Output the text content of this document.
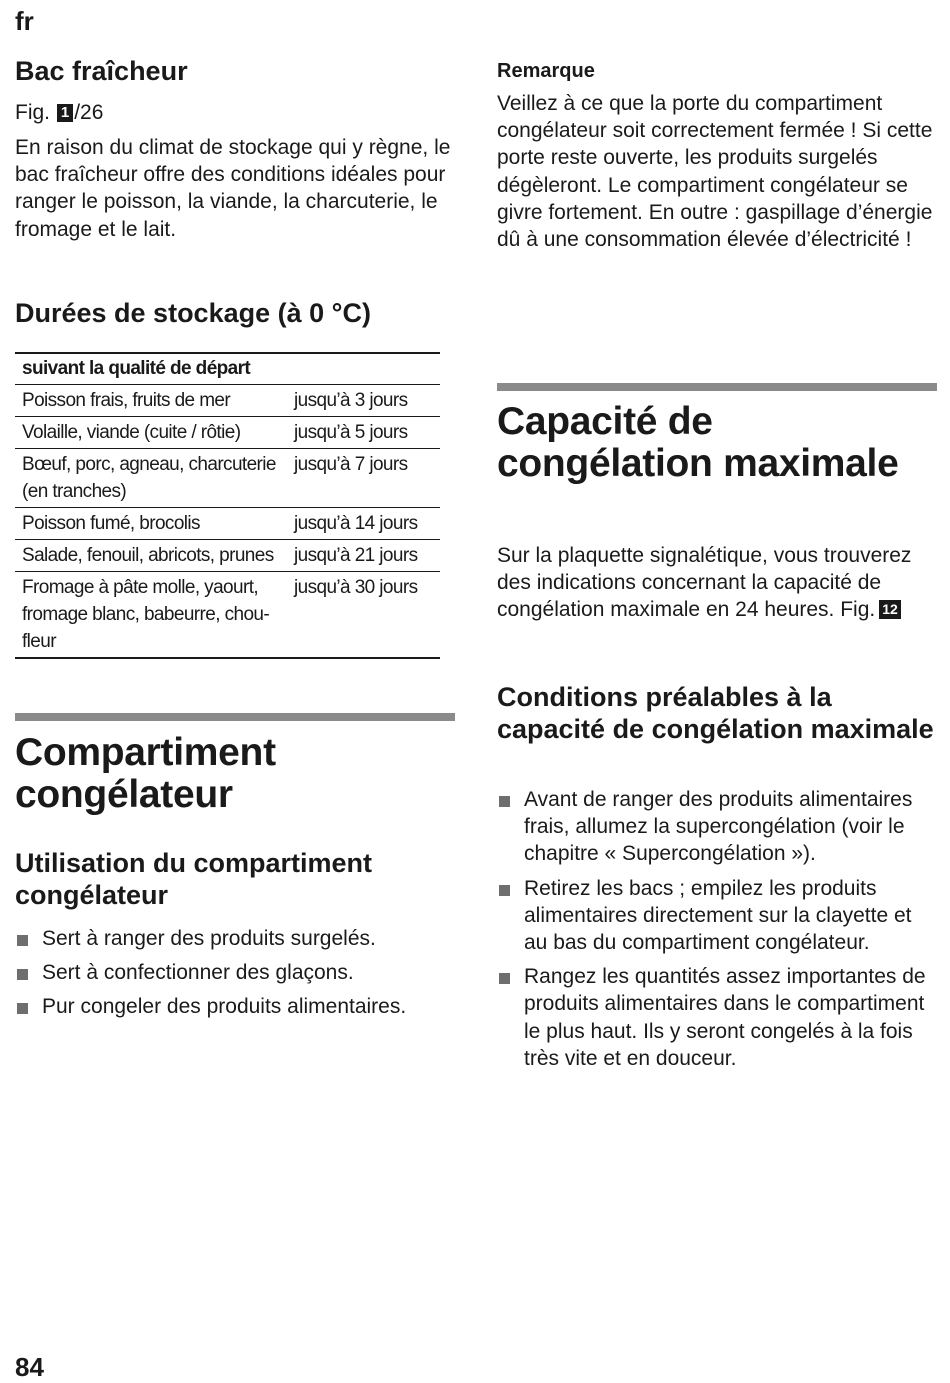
fr
Bac fraîcheur

Fig. 1 /26

En raison du climat de stockage qui y règne, le bac fraîcheur offre des conditions idéales pour ranger le poisson, la viande, la charcuterie, le fromage et le lait.

Durées de stockage (à 0 °C)
suivant la qualité de départ	
Poisson frais, fruits de mer	jusqu’à 3 jours
Volaille, viande (cuite / rôtie)	jusqu’à 5 jours
Bœuf, porc, agneau, charcuterie (en tranches)	jusqu’à 7 jours
Poisson fumé, brocolis	jusqu’à 14 jours
Salade, fenouil, abricots, prunes	jusqu’à 21 jours
Fromage à pâte molle, yaourt, fromage blanc, babeurre, chou-fleur	jusqu’à 30 jours
Compartiment congélateur
Utilisation du compartiment congélateur
Sert à ranger des produits surgelés.
Sert à confectionner des glaçons.
Pur congeler des produits alimentaires.

Remarque

Veillez à ce que la porte du compartiment congélateur soit correctement fermée ! Si cette porte reste ouverte, les produits surgelés dégèleront. Le compartiment congélateur se givre fortement. En outre : gaspillage d’énergie dû à une consommation élevée d’électricité !

Capacité de congélation maximale

Sur la plaquette signalétique, vous trouverez des indications concernant la capacité de congélation maximale en 24 heures. Fig. 12

Conditions préalables à la capacité de congélation maximale
Avant de ranger des produits alimentaires frais, allumez la supercongélation (voir le chapitre « Supercongélation »).
Retirez les bacs ; empilez les produits alimentaires directement sur la clayette et au bas du compartiment congélateur.
Rangez les quantités assez importantes de produits alimentaires dans le compartiment le plus haut. Ils y seront congelés à la fois très vite et en douceur.
84
